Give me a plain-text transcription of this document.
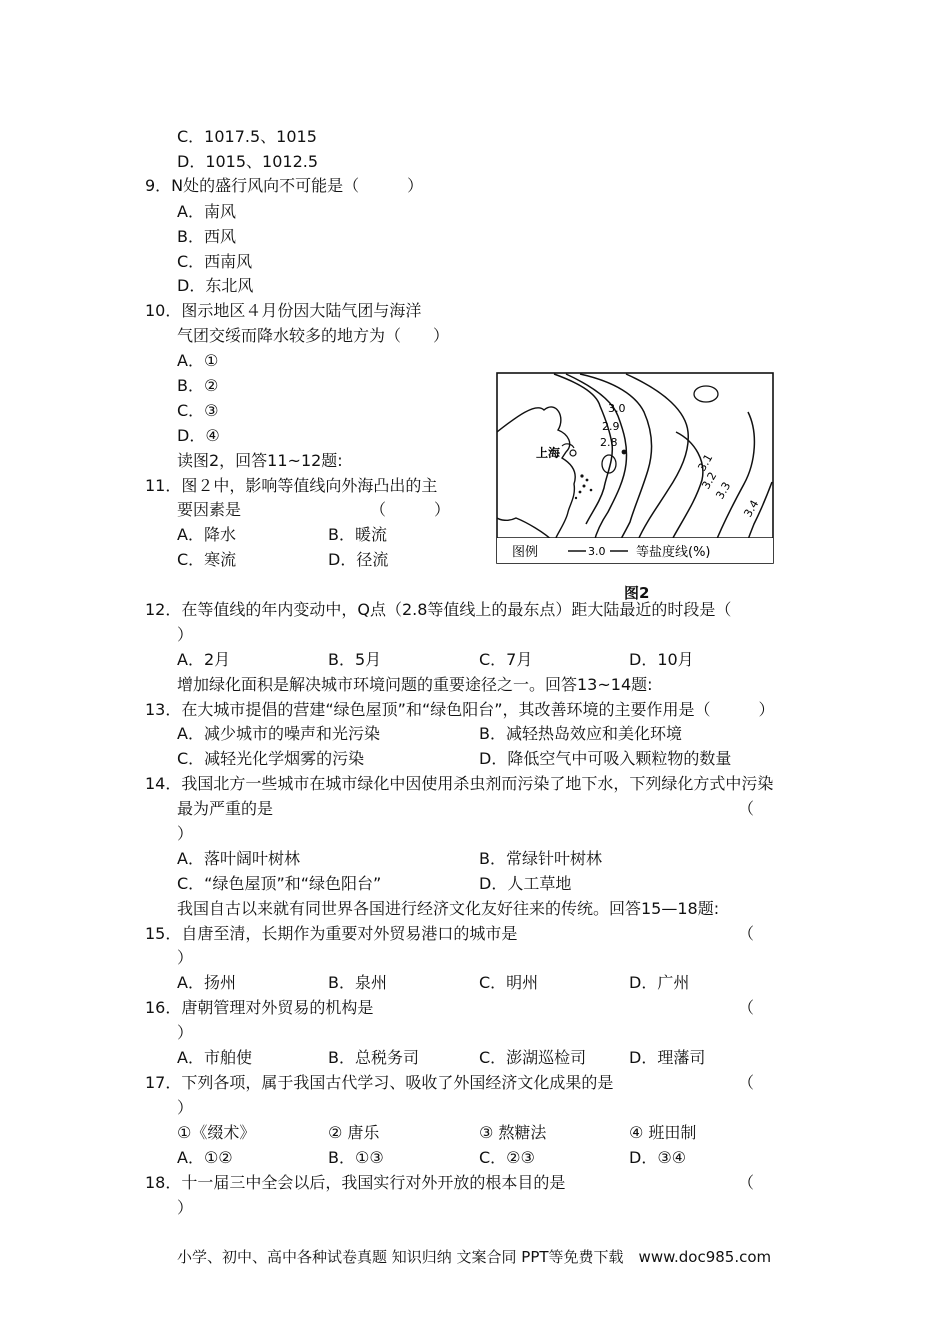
C．1017.5、1015
D．1015、1012.5
9．N处的盛行风向不可能是（　　　）
A．南风
B．西风
C．西南风
D．东北风
10．图示地区４月份因大陆气团与海洋
气团交绥而降水较多的地方为（　　）
A．①
B．②
C．③
D．④
读图2，回答11~12题:
11．图２中，影响等值线向外海凸出的主
要因素是	（　　　）
A．降水	B．暖流
C．寒流	D．径流
上海
3.0
2.9
2.8
3.1
3.2
3.3
3.4
图例	3.0 等盐度线(%)
图2
12．在等值线的年内变动中，Q点（2.8等值线上的最东点）距大陆最近的时段是（
）
A．2月	B．5月	C．7月	D．10月
增加绿化面积是解决城市环境问题的重要途径之一。回答13~14题:
13．在大城市提倡的营建“绿色屋顶”和“绿色阳台”，其改善环境的主要作用是（　　　）
A．减少城市的噪声和光污染	B．减轻热岛效应和美化环境
C．减轻光化学烟雾的污染	D．降低空气中可吸入颗粒物的数量
14．我国北方一些城市在城市绿化中因使用杀虫剂而污染了地下水，下列绿化方式中污染
最为严重的是	（
）
A．落叶阔叶树林	B．常绿针叶树林
C．“绿色屋顶”和“绿色阳台”	D．人工草地
我国自古以来就有同世界各国进行经济文化友好往来的传统。回答15—18题:
15．自唐至清，长期作为重要对外贸易港口的城市是	（
）
A．扬州	B．泉州	C．明州	D．广州
16．唐朝管理对外贸易的机构是	（
）
A．市舶使	B．总税务司	C．澎湖巡检司	D．理藩司
17．下列各项，属于我国古代学习、吸收了外国经济文化成果的是	（
）
①《缀术》	② 唐乐	③ 熬糖法	④ 班田制
A．①②	B．①③	C．②③	D．③④
18．十一届三中全会以后，我国实行对外开放的根本目的是	（
）
小学、初中、高中各种试卷真题 知识归纳 文案合同 PPT等免费下载　www.doc985.com
